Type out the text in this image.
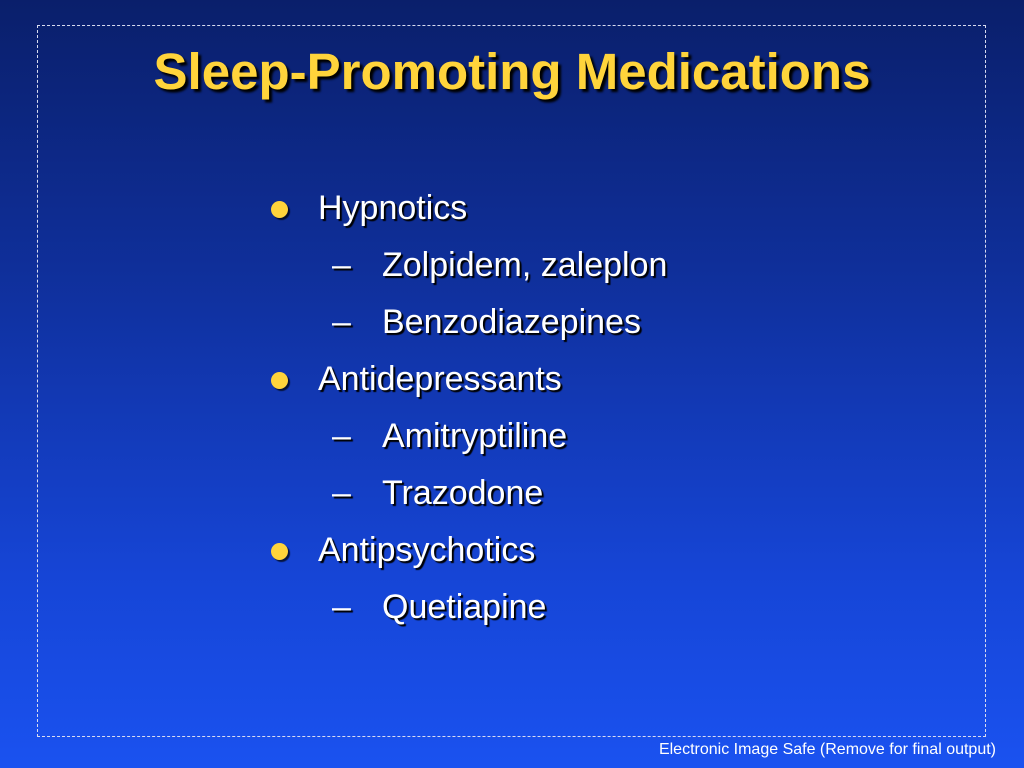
Sleep-Promoting Medications
Hypnotics
– Zolpidem, zaleplon
– Benzodiazepines
Antidepressants
– Amitryptiline
– Trazodone
Antipsychotics
– Quetiapine

Electronic Image Safe (Remove for final output)
